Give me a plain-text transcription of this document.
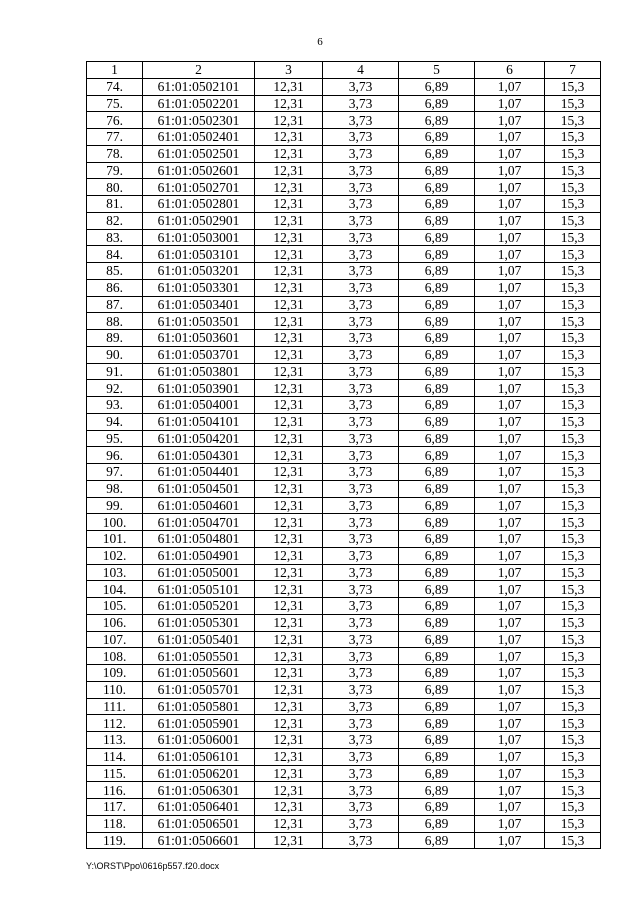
6
1	2	3	4	5	6	7
74.	61:01:0502101	12,31	3,73	6,89	1,07	15,3
75.	61:01:0502201	12,31	3,73	6,89	1,07	15,3
76.	61:01:0502301	12,31	3,73	6,89	1,07	15,3
77.	61:01:0502401	12,31	3,73	6,89	1,07	15,3
78.	61:01:0502501	12,31	3,73	6,89	1,07	15,3
79.	61:01:0502601	12,31	3,73	6,89	1,07	15,3
80.	61:01:0502701	12,31	3,73	6,89	1,07	15,3
81.	61:01:0502801	12,31	3,73	6,89	1,07	15,3
82.	61:01:0502901	12,31	3,73	6,89	1,07	15,3
83.	61:01:0503001	12,31	3,73	6,89	1,07	15,3
84.	61:01:0503101	12,31	3,73	6,89	1,07	15,3
85.	61:01:0503201	12,31	3,73	6,89	1,07	15,3
86.	61:01:0503301	12,31	3,73	6,89	1,07	15,3
87.	61:01:0503401	12,31	3,73	6,89	1,07	15,3
88.	61:01:0503501	12,31	3,73	6,89	1,07	15,3
89.	61:01:0503601	12,31	3,73	6,89	1,07	15,3
90.	61:01:0503701	12,31	3,73	6,89	1,07	15,3
91.	61:01:0503801	12,31	3,73	6,89	1,07	15,3
92.	61:01:0503901	12,31	3,73	6,89	1,07	15,3
93.	61:01:0504001	12,31	3,73	6,89	1,07	15,3
94.	61:01:0504101	12,31	3,73	6,89	1,07	15,3
95.	61:01:0504201	12,31	3,73	6,89	1,07	15,3
96.	61:01:0504301	12,31	3,73	6,89	1,07	15,3
97.	61:01:0504401	12,31	3,73	6,89	1,07	15,3
98.	61:01:0504501	12,31	3,73	6,89	1,07	15,3
99.	61:01:0504601	12,31	3,73	6,89	1,07	15,3
100.	61:01:0504701	12,31	3,73	6,89	1,07	15,3
101.	61:01:0504801	12,31	3,73	6,89	1,07	15,3
102.	61:01:0504901	12,31	3,73	6,89	1,07	15,3
103.	61:01:0505001	12,31	3,73	6,89	1,07	15,3
104.	61:01:0505101	12,31	3,73	6,89	1,07	15,3
105.	61:01:0505201	12,31	3,73	6,89	1,07	15,3
106.	61:01:0505301	12,31	3,73	6,89	1,07	15,3
107.	61:01:0505401	12,31	3,73	6,89	1,07	15,3
108.	61:01:0505501	12,31	3,73	6,89	1,07	15,3
109.	61:01:0505601	12,31	3,73	6,89	1,07	15,3
110.	61:01:0505701	12,31	3,73	6,89	1,07	15,3
111.	61:01:0505801	12,31	3,73	6,89	1,07	15,3
112.	61:01:0505901	12,31	3,73	6,89	1,07	15,3
113.	61:01:0506001	12,31	3,73	6,89	1,07	15,3
114.	61:01:0506101	12,31	3,73	6,89	1,07	15,3
115.	61:01:0506201	12,31	3,73	6,89	1,07	15,3
116.	61:01:0506301	12,31	3,73	6,89	1,07	15,3
117.	61:01:0506401	12,31	3,73	6,89	1,07	15,3
118.	61:01:0506501	12,31	3,73	6,89	1,07	15,3
119.	61:01:0506601	12,31	3,73	6,89	1,07	15,3
Y:\ORST\Ppo\0616p557.f20.docx
